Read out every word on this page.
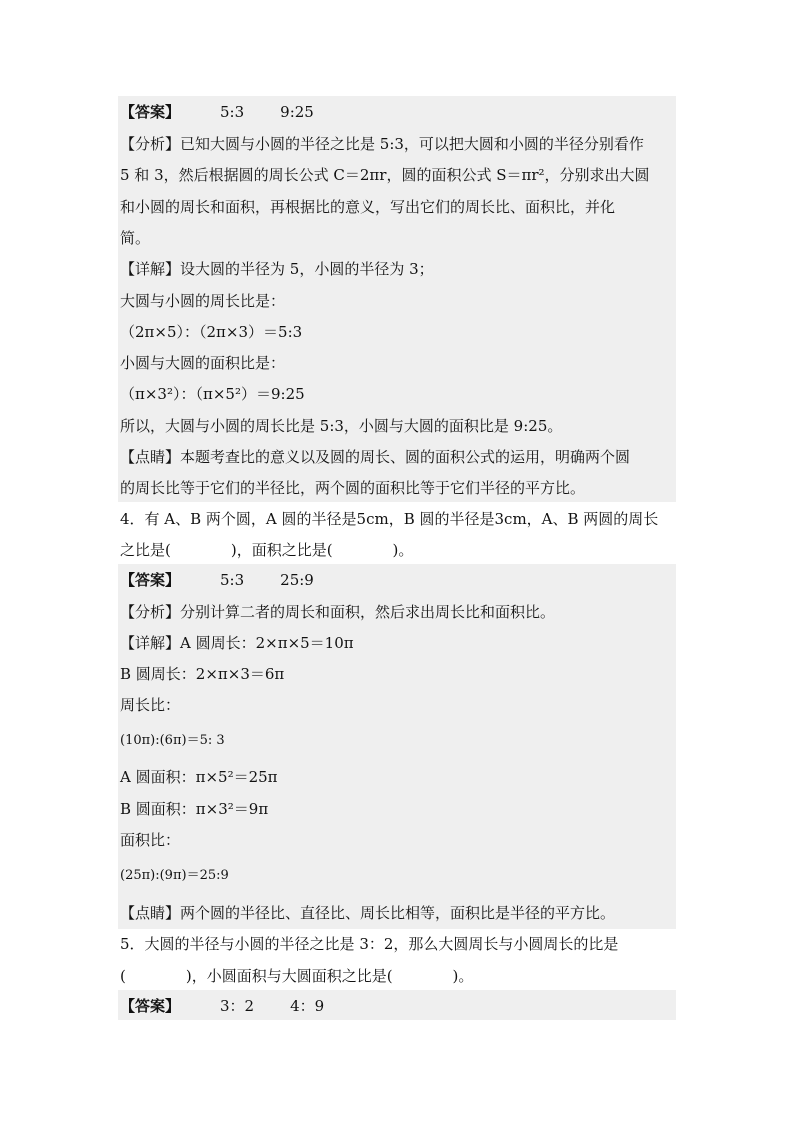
【答案】	5:3 9:25
【分析】已知大圆与小圆的半径之比是 5:3，可以把大圆和小圆的半径分别看作
5 和 3，然后根据圆的周长公式 C＝2πr，圆的面积公式 S＝πr²，分别求出大圆
和小圆的周长和面积，再根据比的意义，写出它们的周长比、面积比，并化
简。
【详解】设大圆的半径为 5，小圆的半径为 3；
大圆与小圆的周长比是：
（2π×5）：（2π×3）＝5:3
小圆与大圆的面积比是：
（π×3²）：（π×5²）＝9:25
所以，大圆与小圆的周长比是 5:3，小圆与大圆的面积比是 9:25。
【点睛】本题考查比的意义以及圆的周长、圆的面积公式的运用，明确两个圆
的周长比等于它们的半径比，两个圆的面积比等于它们半径的平方比。
4．有 A、B 两个圆，A 圆的半径是5cm，B 圆的半径是3cm，A、B 两圆的周长
之比是(　　　　)，面积之比是(　　　　)。
【答案】	5:3 25:9
【分析】分别计算二者的周长和面积，然后求出周长比和面积比。
【详解】A 圆周长：2×π×5＝10π
B 圆周长：2×π×3＝6π
周长比：
(10π):(6π)＝5: 3
A 圆面积：π×5²＝25π
B 圆面积：π×3²＝9π
面积比：
(25π):(9π)＝25:9
【点睛】两个圆的半径比、直径比、周长比相等，面积比是半径的平方比。
5．大圆的半径与小圆的半径之比是 3：2，那么大圆周长与小圆周长的比是
(　　　　)，小圆面积与大圆面积之比是(　　　　)。
【答案】	3：2 4：9
